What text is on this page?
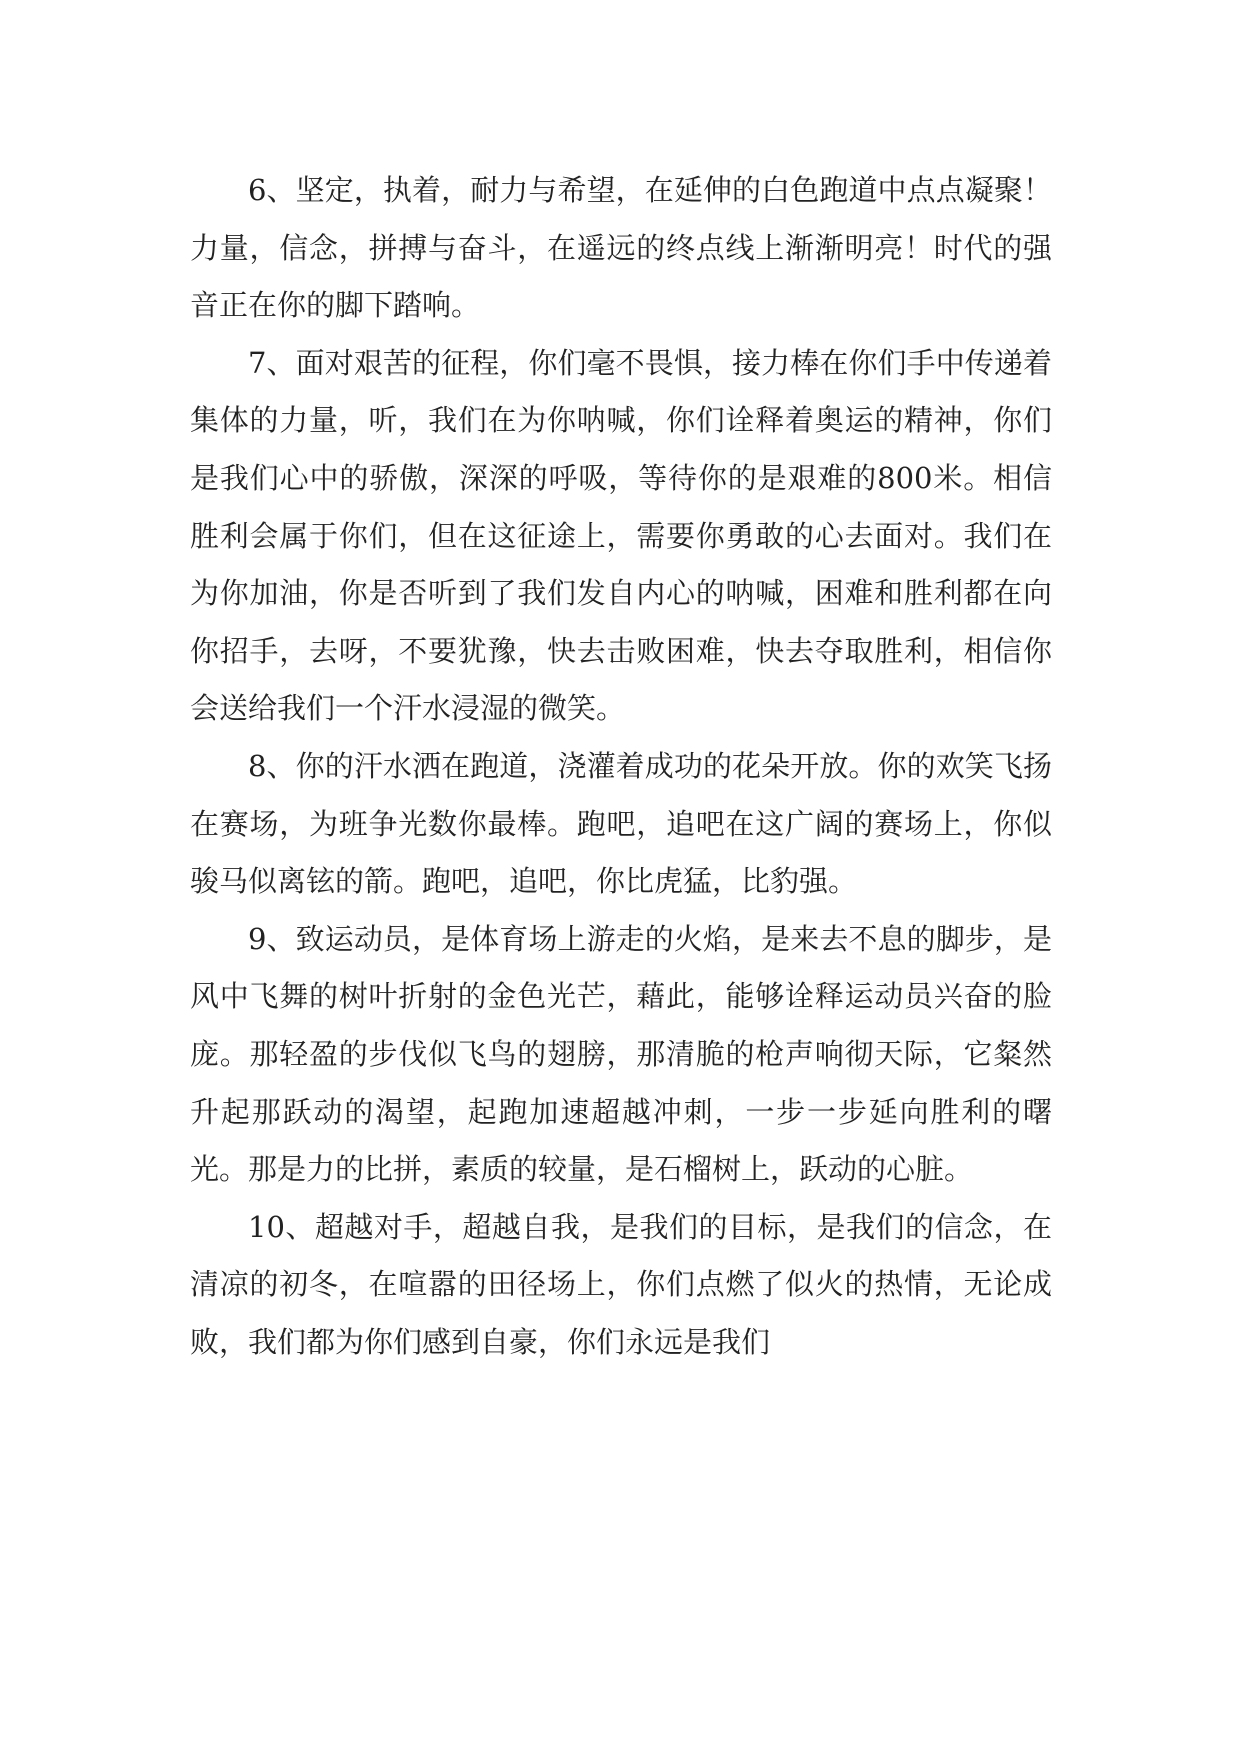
6、坚定，执着，耐力与希望，在延伸的白色跑道中点点凝聚！力量，信念，拼搏与奋斗，在遥远的终点线上渐渐明亮！时代的强音正在你的脚下踏响。

7、面对艰苦的征程，你们毫不畏惧，接力棒在你们手中传递着集体的力量，听，我们在为你呐喊，你们诠释着奥运的精神，你们是我们心中的骄傲，深深的呼吸，等待你的是艰难的800米。相信胜利会属于你们，但在这征途上，需要你勇敢的心去面对。我们在为你加油，你是否听到了我们发自内心的呐喊，困难和胜利都在向你招手，去呀，不要犹豫，快去击败困难，快去夺取胜利，相信你会送给我们一个汗水浸湿的微笑。

8、你的汗水洒在跑道，浇灌着成功的花朵开放。你的欢笑飞扬在赛场，为班争光数你最棒。跑吧，追吧在这广阔的赛场上，你似骏马似离铉的箭。跑吧，追吧，你比虎猛，比豹强。

9、致运动员，是体育场上游走的火焰，是来去不息的脚步，是风中飞舞的树叶折射的金色光芒，藉此，能够诠释运动员兴奋的脸庞。那轻盈的步伐似飞鸟的翅膀，那清脆的枪声响彻天际，它粲然升起那跃动的渴望，起跑加速超越冲刺，一步一步延向胜利的曙光。那是力的比拼，素质的较量，是石榴树上，跃动的心脏。

10、超越对手，超越自我，是我们的目标，是我们的信念，在清凉的初冬，在喧嚣的田径场上，你们点燃了似火的热情，无论成败，我们都为你们感到自豪，你们永远是我们
